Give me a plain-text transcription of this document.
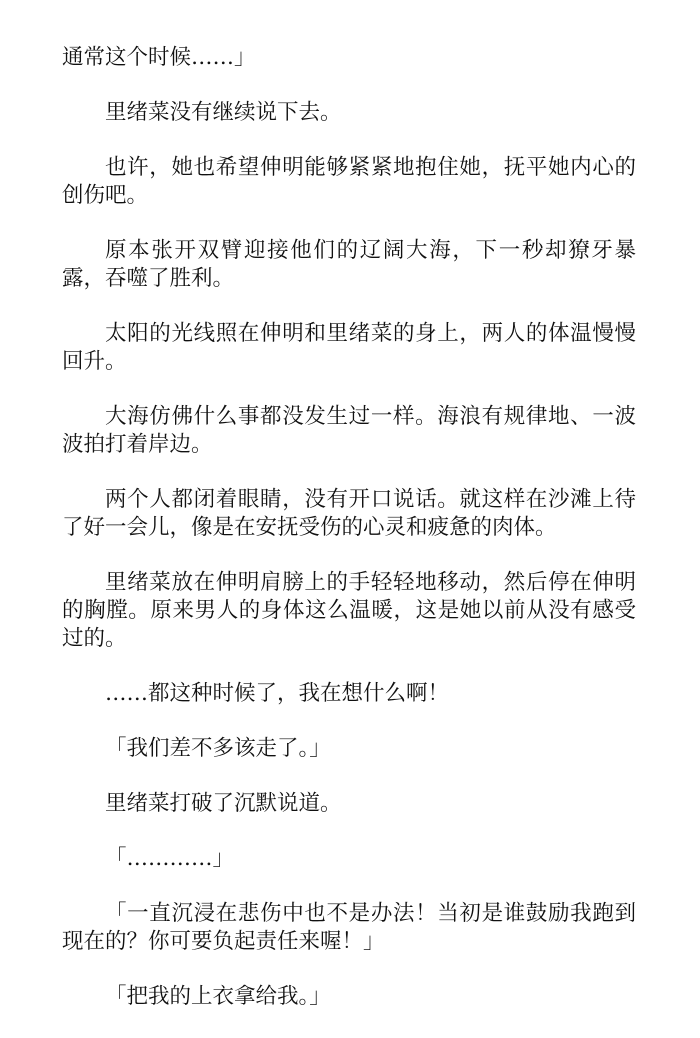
通常这个时候……」

里绪菜没有继续说下去。

也许，她也希望伸明能够紧紧地抱住她，抚平她内心的创伤吧。

原本张开双臂迎接他们的辽阔大海，下一秒却獠牙暴露，吞噬了胜利。

太阳的光线照在伸明和里绪菜的身上，两人的体温慢慢回升。

大海仿佛什么事都没发生过一样。海浪有规律地、一波波拍打着岸边。

两个人都闭着眼睛，没有开口说话。就这样在沙滩上待了好一会儿，像是在安抚受伤的心灵和疲惫的肉体。

里绪菜放在伸明肩膀上的手轻轻地移动，然后停在伸明的胸膛。原来男人的身体这么温暖，这是她以前从没有感受过的。

……都这种时候了，我在想什么啊！

「我们差不多该走了。」

里绪菜打破了沉默说道。

「…………」

「一直沉浸在悲伤中也不是办法！当初是谁鼓励我跑到现在的？你可要负起责任来喔！」

「把我的上衣拿给我。」
